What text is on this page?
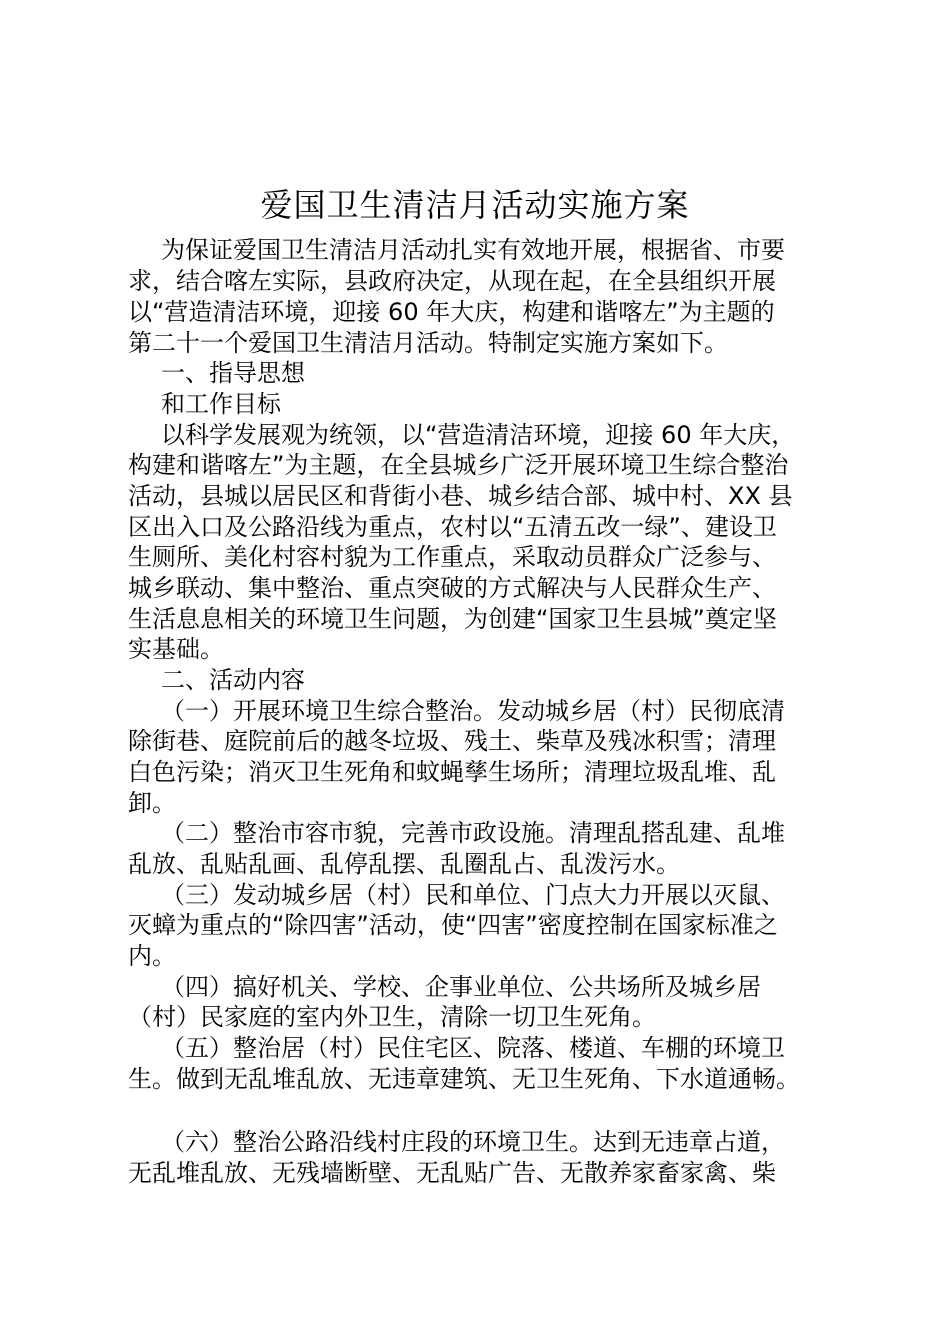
爱国卫生清洁月活动实施方案
为保证爱国卫生清洁月活动扎实有效地开展，根据省、市要
求，结合喀左实际，县政府决定，从现在起，在全县组织开展
以“营造清洁环境，迎接 60 年大庆，构建和谐喀左”为主题的
第二十一个爱国卫生清洁月活动。特制定实施方案如下。
一、指导思想
和工作目标
以科学发展观为统领，以“营造清洁环境，迎接 60 年大庆，
构建和谐喀左”为主题，在全县城乡广泛开展环境卫生综合整治
活动，县城以居民区和背街小巷、城乡结合部、城中村、XX 县
区出入口及公路沿线为重点，农村以“五清五改一绿”、建设卫
生厕所、美化村容村貌为工作重点，采取动员群众广泛参与、
城乡联动、集中整治、重点突破的方式解决与人民群众生产、
生活息息相关的环境卫生问题，为创建“国家卫生县城”奠定坚
实基础。
二、活动内容
（一）开展环境卫生综合整治。发动城乡居（村）民彻底清
除街巷、庭院前后的越冬垃圾、残土、柴草及残冰积雪；清理
白色污染；消灭卫生死角和蚊蝇孳生场所；清理垃圾乱堆、乱
卸。
（二）整治市容市貌，完善市政设施。清理乱搭乱建、乱堆
乱放、乱贴乱画、乱停乱摆、乱圈乱占、乱泼污水。
（三）发动城乡居（村）民和单位、门点大力开展以灭鼠、
灭蟑为重点的“除四害”活动，使“四害”密度控制在国家标准之
内。
（四）搞好机关、学校、企事业单位、公共场所及城乡居
（村）民家庭的室内外卫生，清除一切卫生死角。
（五）整治居（村）民住宅区、院落、楼道、车棚的环境卫
生。做到无乱堆乱放、无违章建筑、无卫生死角、下水道通畅。
（六）整治公路沿线村庄段的环境卫生。达到无违章占道，
无乱堆乱放、无残墙断壁、无乱贴广告、无散养家畜家禽、柴
